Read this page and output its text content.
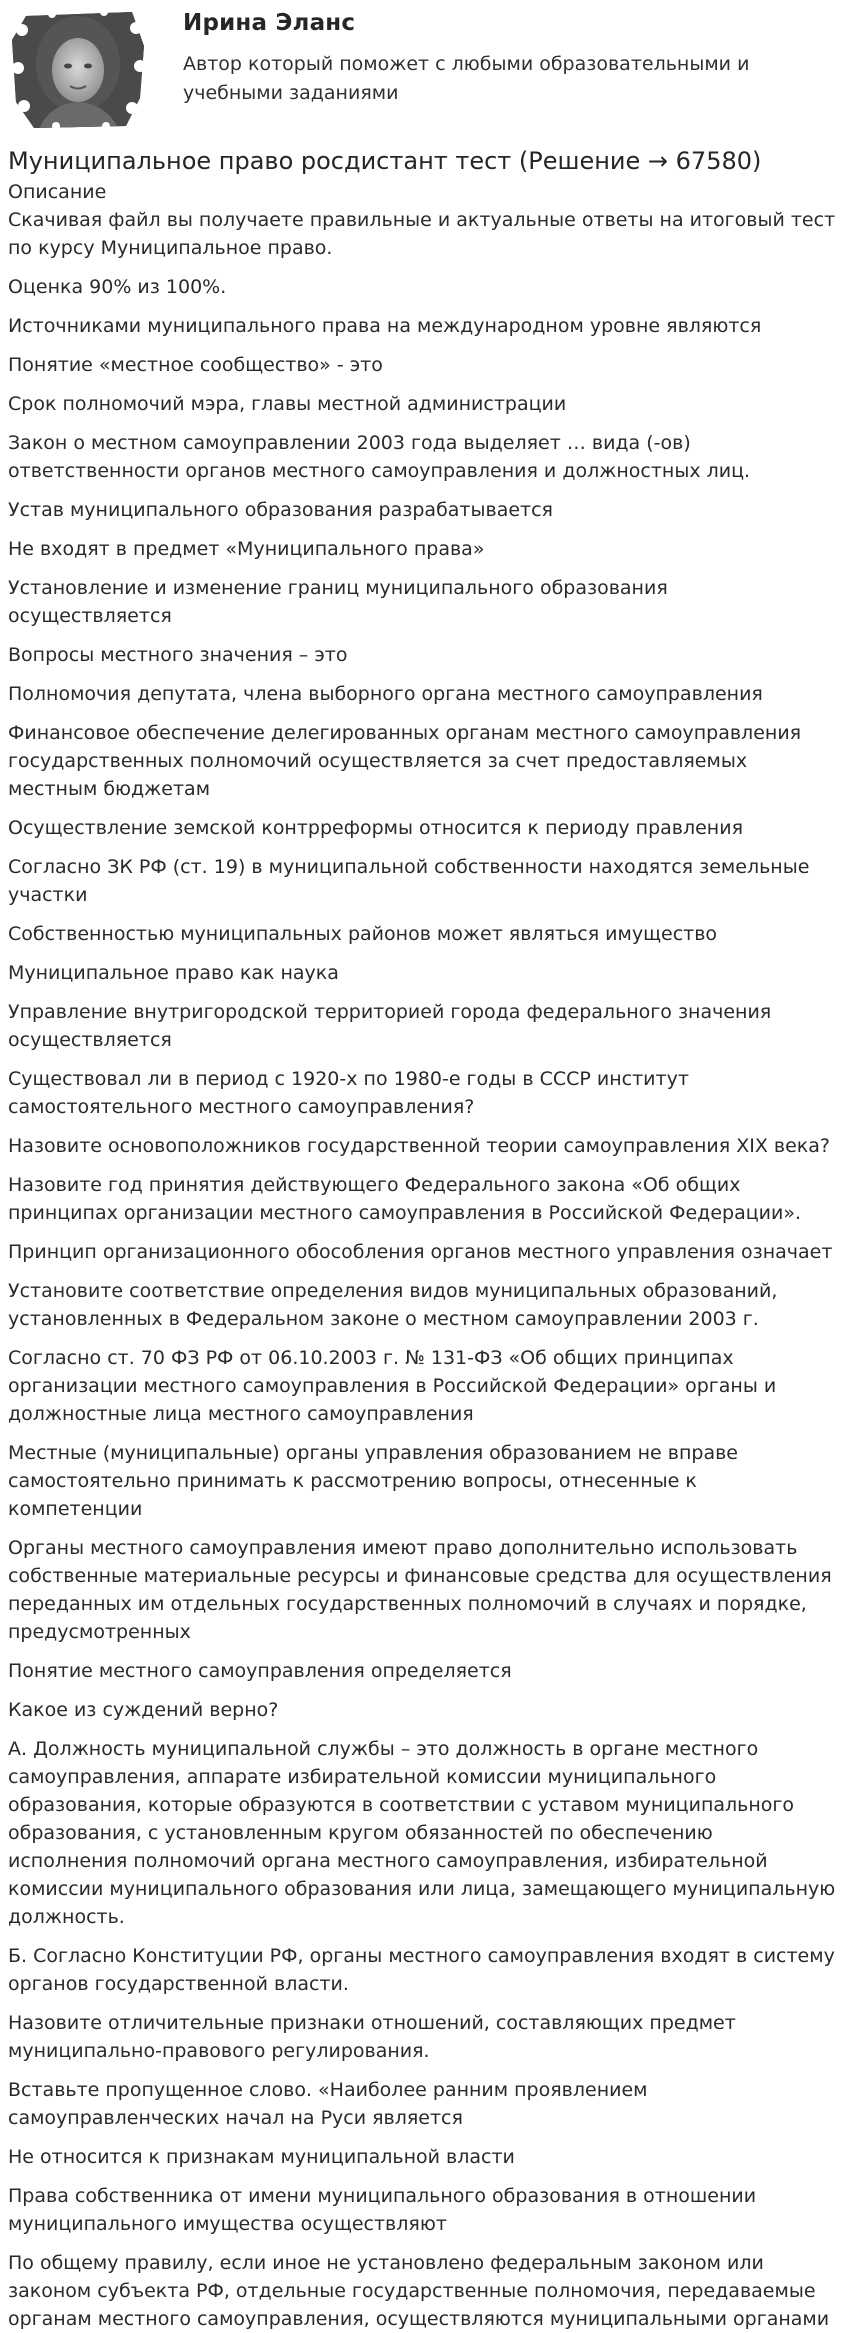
Ирина Эланс
Автор который поможет с любыми образовательными и учебными заданиями
Муниципальное право росдистант тест (Решение → 67580)

Описание

Скачивая файл вы получаете правильные и актуальные ответы на итоговый тест по курсу Муниципальное право.

Оценка 90% из 100%.

Источниками муниципального права на международном уровне являются
Понятие «местное сообщество» - это
Срок полномочий мэра, главы местной администрации
Закон о местном самоуправлении 2003 года выделяет … вида (-ов) ответственности органов местного самоуправления и должностных лиц.
Устав муниципального образования разрабатывается
Не входят в предмет «Муниципального права»
Установление и изменение границ муниципального образования осуществляется
Вопросы местного значения – это
Полномочия депутата, члена выборного органа местного самоуправления
Финансовое обеспечение делегированных органам местного самоуправления государственных полномочий осуществляется за счет предоставляемых местным бюджетам
Осуществление земской контрреформы относится к периоду правления
Согласно ЗК РФ (ст. 19) в муниципальной собственности находятся земельные участки
Собственностью муниципальных районов может являться имущество
Муниципальное право как наука
Управление внутригородской территорией города федерального значения осуществляется
Существовал ли в период с 1920-х по 1980-е годы в СССР институт самостоятельного местного самоуправления?
Назовите основоположников государственной теории самоуправления XIX века?
Назовите год принятия действующего Федерального закона «Об общих принципах организации местного самоуправления в Российской Федерации».
Принцип организационного обособления органов местного управления означает
Установите соответствие определения видов муниципальных образований, установленных в Федеральном законе о местном самоуправлении 2003 г.
Согласно ст. 70 ФЗ РФ от 06.10.2003 г. № 131-ФЗ «Об общих принципах организации местного самоуправления в Российской Федерации» органы и должностные лица местного самоуправления
Местные (муниципальные) органы управления образованием не вправе самостоятельно принимать к рассмотрению вопросы, отнесенные к компетенции
Органы местного самоуправления имеют право дополнительно использовать собственные материальные ресурсы и финансовые средства для осуществления переданных им отдельных государственных полномочий в случаях и порядке, предусмотренных
Понятие местного самоуправления определяется
Какое из суждений верно?
А. Должность муниципальной службы – это должность в органе местного самоуправления, аппарате избирательной комиссии муниципального образования, которые образуются в соответствии с уставом муниципального образования, с установленным кругом обязанностей по обеспечению исполнения полномочий органа местного самоуправления, избирательной комиссии муниципального образования или лица, замещающего муниципальную должность.
Б. Согласно Конституции РФ, органы местного самоуправления входят в систему органов государственной власти.
Назовите отличительные признаки отношений, составляющих предмет муниципально-правового регулирования.
Вставьте пропущенное слово. «Наиболее ранним проявлением самоуправленческих начал на Руси является
Не относится к признакам муниципальной власти
Права собственника от имени муниципального образования в отношении муниципального имущества осуществляют
По общему правилу, если иное не установлено федеральным законом или законом субъекта РФ, отдельные государственные полномочия, передаваемые органам местного самоуправления, осуществляются муниципальными органами
